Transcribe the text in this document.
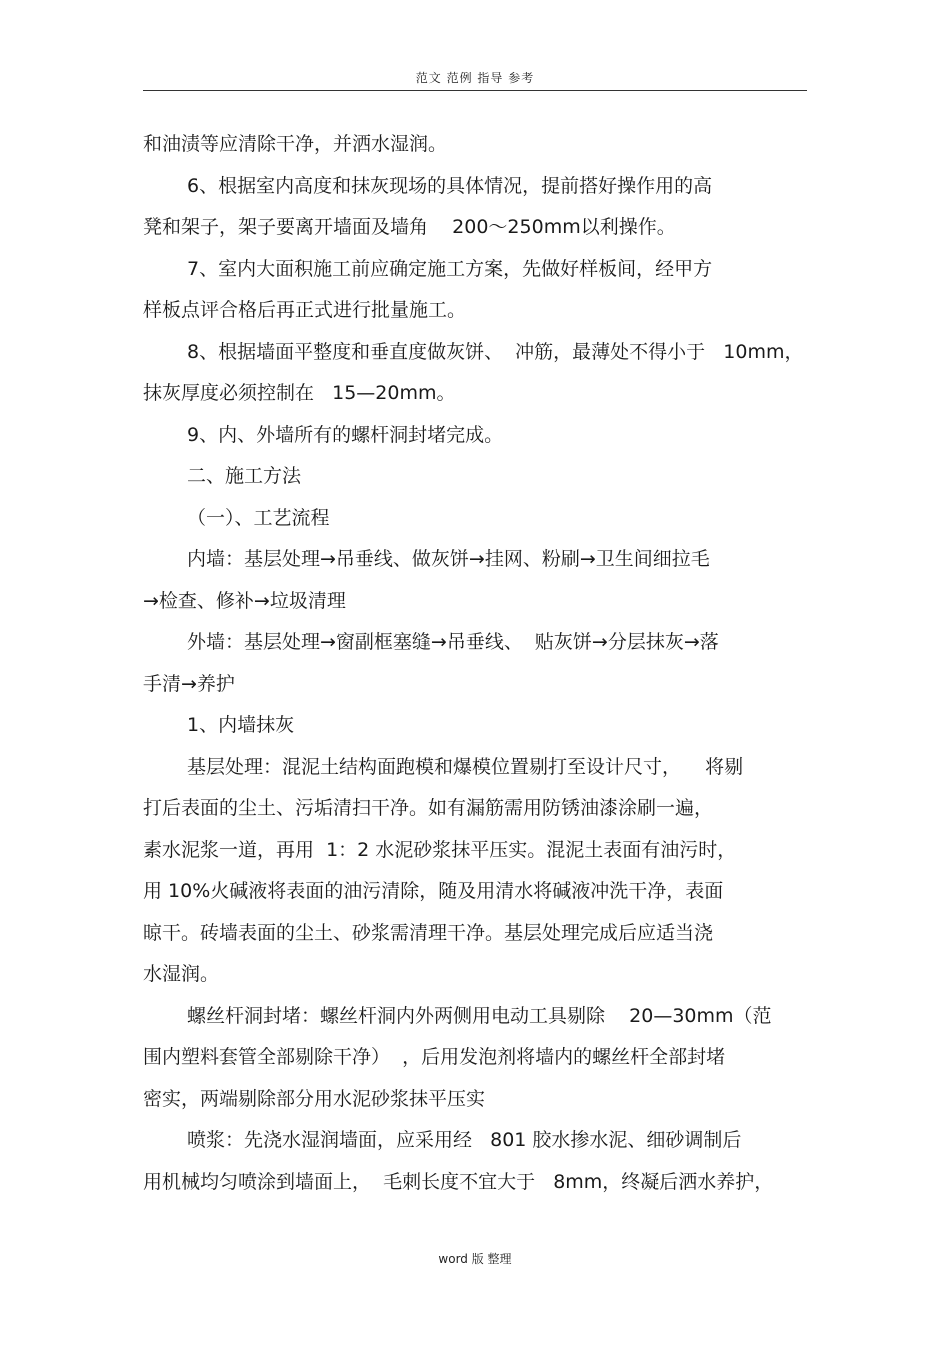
范文 范例 指导 参考
和油渍等应清除干净，并洒水湿润。
6、根据室内高度和抹灰现场的具体情况，提前搭好操作用的高
凳和架子，架子要离开墙面及墙角    200～250mm以利操作。
7、室内大面积施工前应确定施工方案，先做好样板间，经甲方
样板点评合格后再正式进行批量施工。
8、根据墙面平整度和垂直度做灰饼、  冲筋，最薄处不得小于   10mm，
抹灰厚度必须控制在   15—20mm。
9、内、外墙所有的螺杆洞封堵完成。
二、施工方法
（一）、工艺流程
内墙：基层处理→吊垂线、做灰饼→挂网、粉刷→卫生间细拉毛
→检查、修补→垃圾清理
外墙：基层处理→窗副框塞缝→吊垂线、  贴灰饼→分层抹灰→落
手清→养护
1、内墙抹灰
基层处理：混泥土结构面跑模和爆模位置剔打至设计尺寸，    将剔
打后表面的尘土、污垢清扫干净。如有漏筋需用防锈油漆涂刷一遍，
素水泥浆一道，再用  1：2 水泥砂浆抹平压实。混泥土表面有油污时，
用 10%火碱液将表面的油污清除，随及用清水将碱液冲洗干净，表面
晾干。砖墙表面的尘土、砂浆需清理干净。基层处理完成后应适当浇
水湿润。
螺丝杆洞封堵：螺丝杆洞内外两侧用电动工具剔除    20—30mm（范
围内塑料套管全部剔除干净）  ，后用发泡剂将墙内的螺丝杆全部封堵
密实，两端剔除部分用水泥砂浆抹平压实
喷浆：先浇水湿润墙面，应采用经   801 胶水掺水泥、细砂调制后
用机械均匀喷涂到墙面上，  毛刺长度不宜大于   8mm，终凝后洒水养护，
word 版 整理
